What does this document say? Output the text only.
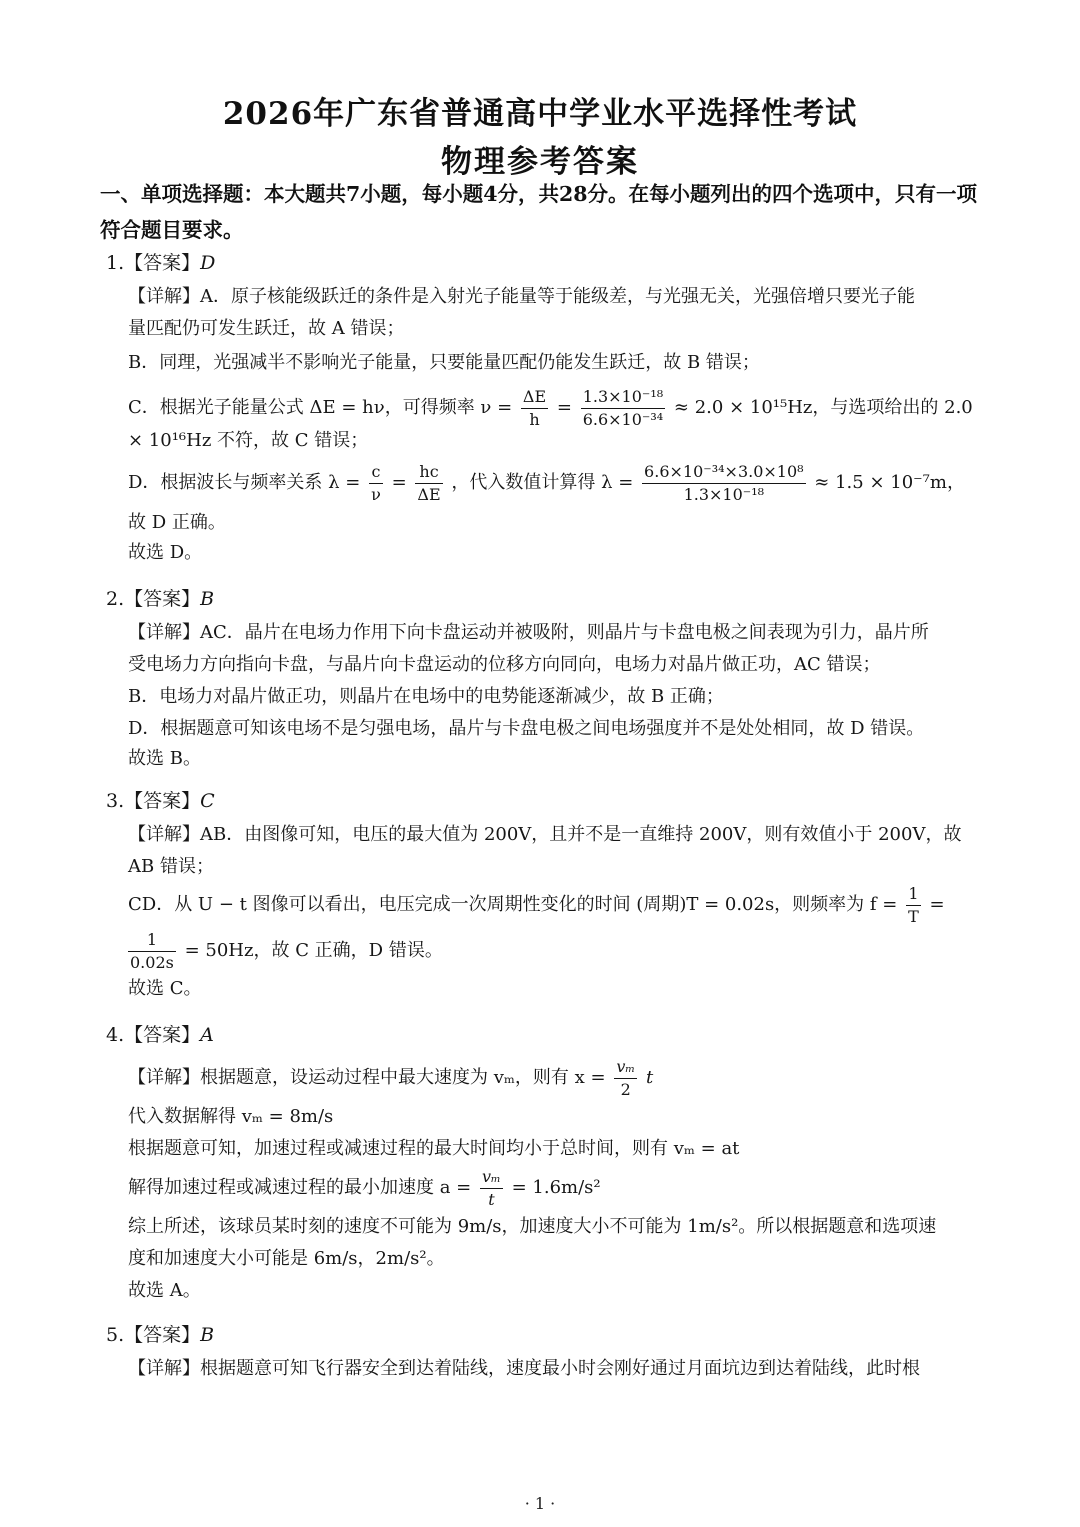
2026年广东省普通高中学业水平选择性考试
物理参考答案
一、单项选择题：本大题共7小题，每小题4分，共28分。在每小题列出的四个选项中，只有一项
符合题目要求。
1.【答案】D
【详解】A．原子核能级跃迁的条件是入射光子能量等于能级差，与光强无关，光强倍增只要光子能
量匹配仍可发生跃迁，故 A 错误；
B．同理，光强减半不影响光子能量，只要能量匹配仍能发生跃迁，故 B 错误；
C．根据光子能量公式 ΔE = hν，可得频率 $\nu = \frac{\Delta E}{h} = \frac{\text{1.3×10⁻¹⁸}}{\text{6.6×10⁻³⁴}} \approx 2.0 \times 10^{15}Hz$，与选项给出的 2.0
× 10¹⁶Hz 不符，故 C 错误；
D．根据波长与频率关系 $\lambda = \frac{c}{\nu} = \frac{hc}{\Delta E}$ ，代入数值计算得 $\lambda = \frac{\text{6.6×10⁻³⁴×3.0×10⁸}}{\text{1.3×10⁻¹⁸}} \approx 1.5 \times 10^{-7}m$，
故 D 正确。
故选 D。
2.【答案】B
【详解】AC．晶片在电场力作用下向卡盘运动并被吸附，则晶片与卡盘电极之间表现为引力，晶片所
受电场力方向指向卡盘，与晶片向卡盘运动的位移方向同向，电场力对晶片做正功，AC 错误；
B．电场力对晶片做正功，则晶片在电场中的电势能逐渐减少，故 B 正确；
D．根据题意可知该电场不是匀强电场，晶片与卡盘电极之间电场强度并不是处处相同，故 D 错误。
故选 B。
3.【答案】C
【详解】AB．由图像可知，电压的最大值为 200V，且并不是一直维持 200V，则有效值小于 200V，故
AB 错误；
CD．从 U − t 图像可以看出，电压完成一次周期性变化的时间 (周期)T = 0.02s，则频率为 $f = \frac{1}{T}$ =
$\frac{1}{0.02s} = 50Hz$，故 C 正确，D 错误。
故选 C。
4.【答案】A
【详解】根据题意，设运动过程中最大速度为 vₘ，则有 $x = \frac{\text{vₘ}}{2}$ t
代入数据解得 vₘ = 8m/s
根据题意可知，加速过程或减速过程的最大时间均小于总时间，则有 vₘ = at
解得加速过程或减速过程的最小加速度 $a = \frac{\text{vₘ}}{t} = 1.6m/s^2$
综上所述，该球员某时刻的速度不可能为 9m/s，加速度大小不可能为 1m/s²。所以根据题意和选项速
度和加速度大小可能是 6m/s，2m/s²。
故选 A。
5.【答案】B
【详解】根据题意可知飞行器安全到达着陆线，速度最小时会刚好通过月面坑边到达着陆线，此时根
· 1 ·
